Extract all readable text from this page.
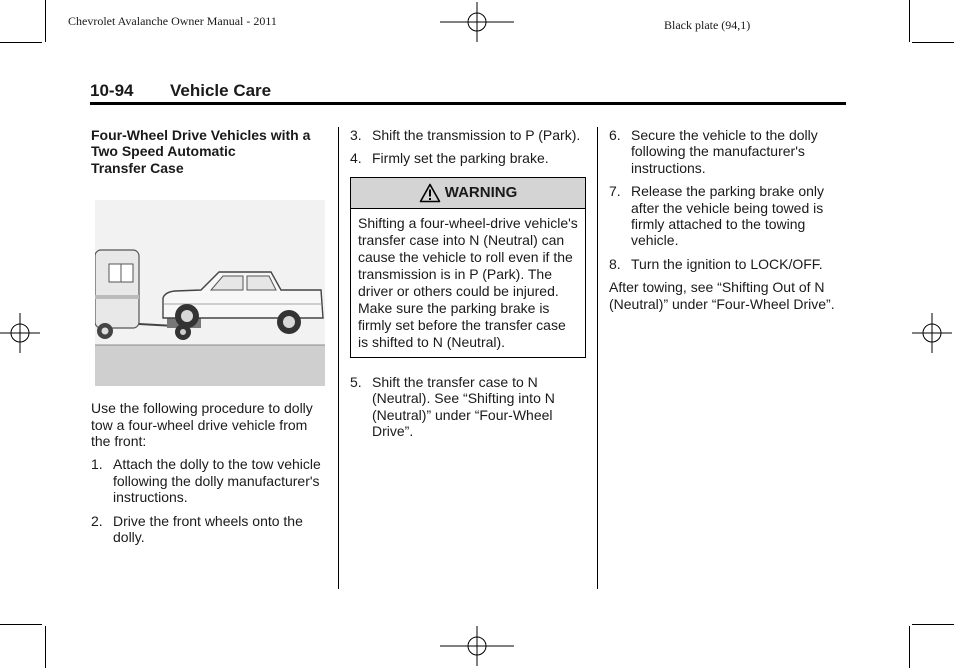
Chevrolet Avalanche Owner Manual - 2011	Black plate (94,1)
10-94 Vehicle Care
Four-Wheel Drive Vehicles with a
Two Speed Automatic
Transfer Case

Use the following procedure to dolly tow a four-wheel drive vehicle from the front:

1. Attach the dolly to the tow vehicle following the dolly manufacturer's instructions.
2. Drive the front wheels onto the dolly.
3. Shift the transmission to P (Park).
4. Firmly set the parking brake.
WARNING
Shifting a four-wheel-drive vehicle's transfer case into N (Neutral) can cause the vehicle to roll even if the transmission is in P (Park). The driver or others could be injured. Make sure the parking brake is firmly set before the transfer case is shifted to N (Neutral).
5. Shift the transfer case to N (Neutral). See “Shifting into N (Neutral)” under “Four-Wheel Drive”.
6. Secure the vehicle to the dolly following the manufacturer's instructions.
7. Release the parking brake only after the vehicle being towed is firmly attached to the towing vehicle.
8. Turn the ignition to LOCK/OFF.

After towing, see “Shifting Out of N (Neutral)” under “Four-Wheel Drive”.
